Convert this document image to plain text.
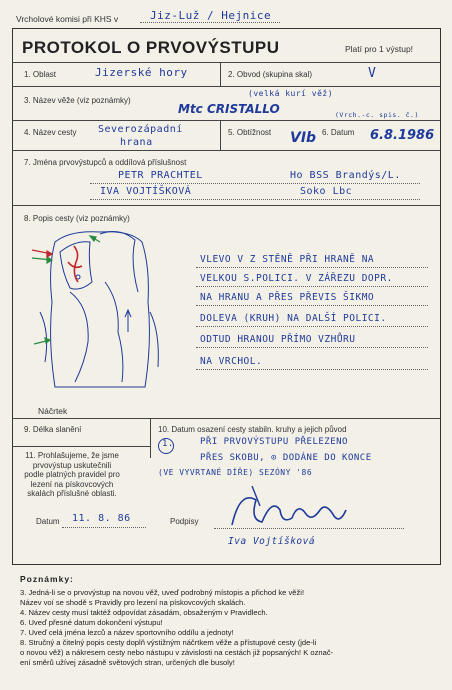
Vrcholové komisi při KHS v	Jiz-Luž / Hejnice
PROTOKOL O PRVOVÝSTUPU	Platí pro 1 výstup!
1. Oblast	Jizerské hory	2. Obvod (skupina skal)	V
3. Název věže (viz poznámky)
(velká kurí věž)
Mtc CRISTALLO	(Vrch.-c. spis. č.)
4. Název cesty Severozápadní
hrana
5. Obtížnost VIb 6. Datum 6.8.1986
7. Jména prvovýstupců a oddílová příslušnost
PETR PRACHTEL	Ho BSS Brandýs/L.
IVA VOJTÍŠKOVÁ	Soko Lbc
8. Popis cesty (viz poznámky)
Náčrtek
VLEVO V Z STĚNĚ PŘI HRANĚ NA
VELKOU S.POLICI. V ZÁŘEZU DOPR.
NA HRANU A PŘES PŘEVIS ŠIKMO
DOLEVA (KRUH) NA DALŠÍ POLICI.
ODTUD HRANOU PŘÍMO VZHŮRU
NA VRCHOL.
9. Délka slanění	10. Datum osazení cesty stabiln. kruhy a jejich původ
1.	PŘI PRVOVÝSTUPU PŘELEZENO
11. Prohlašujeme, že jsme prvovýstup uskutečnili podle platných pravidel pro lezení na pískovcových skalách příslušné oblasti.
PŘES SKOBU, ⊙ DODÁNE DO KONCE
(VE VYVRTANÉ DÍŘE) SEZÓNY '86
Datum 11. 8. 86	Podpisy
Iva Vojtíšková
Poznámky:
3. Jedná-li se o prvovýstup na novou věž, uveď podrobný místopis a přichod ke věži!
Název voí se shodě s Pravidly pro lezení na pískovcových skalách.
4. Název cesty musí taktéž odpovídat zásadám, obsaženým v Pravidlech.
6. Uveď přesné datum dokončení výstupu!
7. Uveď celá jména lezců a název sportovního oddílu a jednoty!
8. Stručný a čitelný popis cesty doplň výstižným náčrtkem věže a přístupové cesty (jde-li
o novou věž) a nákresem cesty nebo nástupu v závislosti na cestách již popsaných! K označ-
ení směrů užívej zásadně světových stran, určených dle busoly!
